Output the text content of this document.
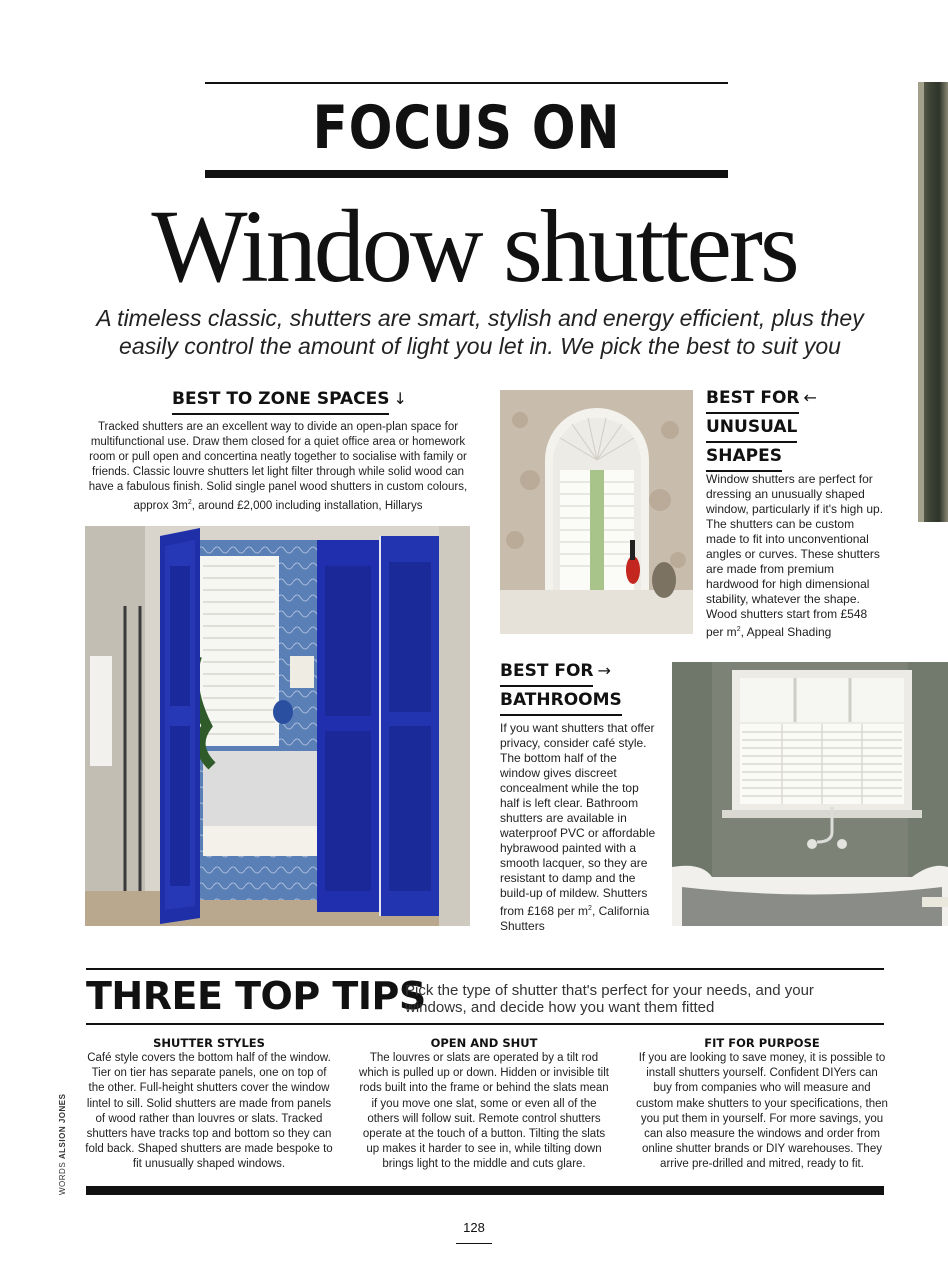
FOCUS ON
Window shutters
A timeless classic, shutters are smart, stylish and energy efficient, plus they easily control the amount of light you let in. We pick the best to suit you
BEST TO ZONE SPACES ↓

Tracked shutters are an excellent way to divide an open-plan space for multifunctional use. Draw them closed for a quiet office area or homework room or pull open and concertina neatly together to socialise with family or friends. Classic louvre shutters let light filter through while solid wood can have a fabulous finish. Solid single panel wood shutters in custom colours, approx $3m^2$, around £2,000 including installation, Hillarys

BEST FOR ←
UNUSUAL
SHAPES

Window shutters are perfect for dressing an unusually shaped window, particularly if it's high up. The shutters can be custom made to fit into unconventional angles or curves. These shutters are made from premium hardwood for high dimensional stability, whatever the shape. Wood shutters start from £548 per $m^2$, Appeal Shading

BEST FOR →
BATHROOMS

If you want shutters that offer privacy, consider café style. The bottom half of the window gives discreet concealment while the top half is left clear. Bathroom shutters are available in waterproof PVC or affordable hybrawood painted with a smooth lacquer, so they are resistant to damp and the build-up of mildew. Shutters from £168 per $m^2$, California Shutters

THREE TOP TIPS
Pick the type of shutter that's perfect for your needs, and your windows, and decide how you want them fitted
SHUTTER STYLES

Café style covers the bottom half of the window. Tier on tier has separate panels, one on top of the other. Full-height shutters cover the window lintel to sill. Solid shutters are made from panels of wood rather than louvres or slats. Tracked shutters have tracks top and bottom so they can fold back. Shaped shutters are made bespoke to fit unusually shaped windows.

OPEN AND SHUT

The louvres or slats are operated by a tilt rod which is pulled up or down. Hidden or invisible tilt rods built into the frame or behind the slats mean if you move one slat, some or even all of the others will follow suit. Remote control shutters operate at the touch of a button. Tilting the slats up makes it harder to see in, while tilting down brings light to the middle and cuts glare.

FIT FOR PURPOSE

If you are looking to save money, it is possible to install shutters yourself. Confident DIYers can buy from companies who will measure and custom make shutters to your specifications, then you put them in yourself. For more savings, you can also measure the windows and order from online shutter brands or DIY warehouses. They arrive pre-drilled and mitred, ready to fit.

WORDS ALSION JONES
128
